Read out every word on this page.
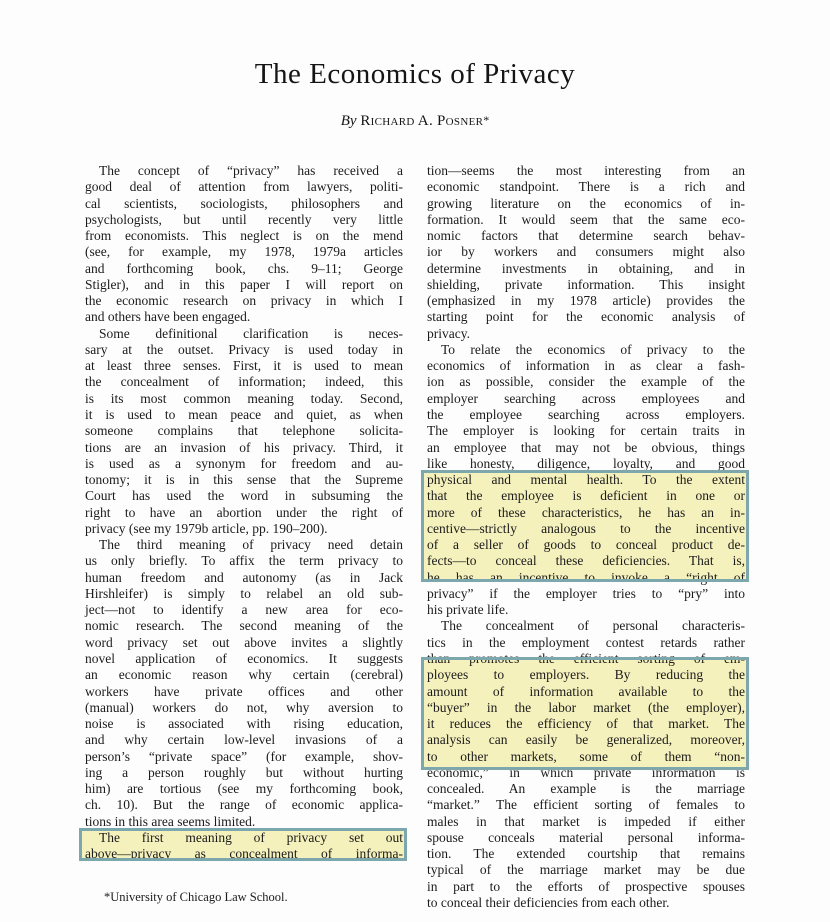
The Economics of Privacy
By Richard A. Posner*
The concept of “privacy” has received a
good deal of attention from lawyers, politi-
cal scientists, sociologists, philosophers and
psychologists, but until recently very little
from economists. This neglect is on the mend
(see, for example, my 1978, 1979a articles
and forthcoming book, chs. 9–11; George
Stigler), and in this paper I will report on
the economic research on privacy in which I
and others have been engaged.
Some definitional clarification is neces-
sary at the outset. Privacy is used today in
at least three senses. First, it is used to mean
the concealment of information; indeed, this
is its most common meaning today. Second,
it is used to mean peace and quiet, as when
someone complains that telephone solicita-
tions are an invasion of his privacy. Third, it
is used as a synonym for freedom and au-
tonomy; it is in this sense that the Supreme
Court has used the word in subsuming the
right to have an abortion under the right of
privacy (see my 1979b article, pp. 190–200).
The third meaning of privacy need detain
us only briefly. To affix the term privacy to
human freedom and autonomy (as in Jack
Hirshleifer) is simply to relabel an old sub-
ject—not to identify a new area for eco-
nomic research. The second meaning of the
word privacy set out above invites a slightly
novel application of economics. It suggests
an economic reason why certain (cerebral)
workers have private offices and other
(manual) workers do not, why aversion to
noise is associated with rising education,
and why certain low-level invasions of a
person’s “private space” (for example, shov-
ing a person roughly but without hurting
him) are tortious (see my forthcoming book,
ch. 10). But the range of economic applica-
tions in this area seems limited.
The first meaning of privacy set out
above—privacy as concealment of informa-
tion—seems the most interesting from an
economic standpoint. There is a rich and
growing literature on the economics of in-
formation. It would seem that the same eco-
nomic factors that determine search behav-
ior by workers and consumers might also
determine investments in obtaining, and in
shielding, private information. This insight
(emphasized in my 1978 article) provides the
starting point for the economic analysis of
privacy.
To relate the economics of privacy to the
economics of information in as clear a fash-
ion as possible, consider the example of the
employer searching across employees and
the employee searching across employers.
The employer is looking for certain traits in
an employee that may not be obvious, things
like honesty, diligence, loyalty, and good
physical and mental health. To the extent
that the employee is deficient in one or
more of these characteristics, he has an in-
centive—strictly analogous to the incentive
of a seller of goods to conceal product de-
fects—to conceal these deficiencies. That is,
he has an incentive to invoke a “right of
privacy” if the employer tries to “pry” into
his private life.
The concealment of personal characteris-
tics in the employment contest retards rather
than promotes the efficient sorting of em-
ployees to employers. By reducing the
amount of information available to the
“buyer” in the labor market (the employer),
it reduces the efficiency of that market. The
analysis can easily be generalized, moreover,
to other markets, some of them “non-
economic,” in which private information is
concealed. An example is the marriage
“market.” The efficient sorting of females to
males in that market is impeded if either
spouse conceals material personal informa-
tion. The extended courtship that remains
typical of the marriage market may be due
in part to the efforts of prospective spouses
to conceal their deficiencies from each other.
*University of Chicago Law School.
